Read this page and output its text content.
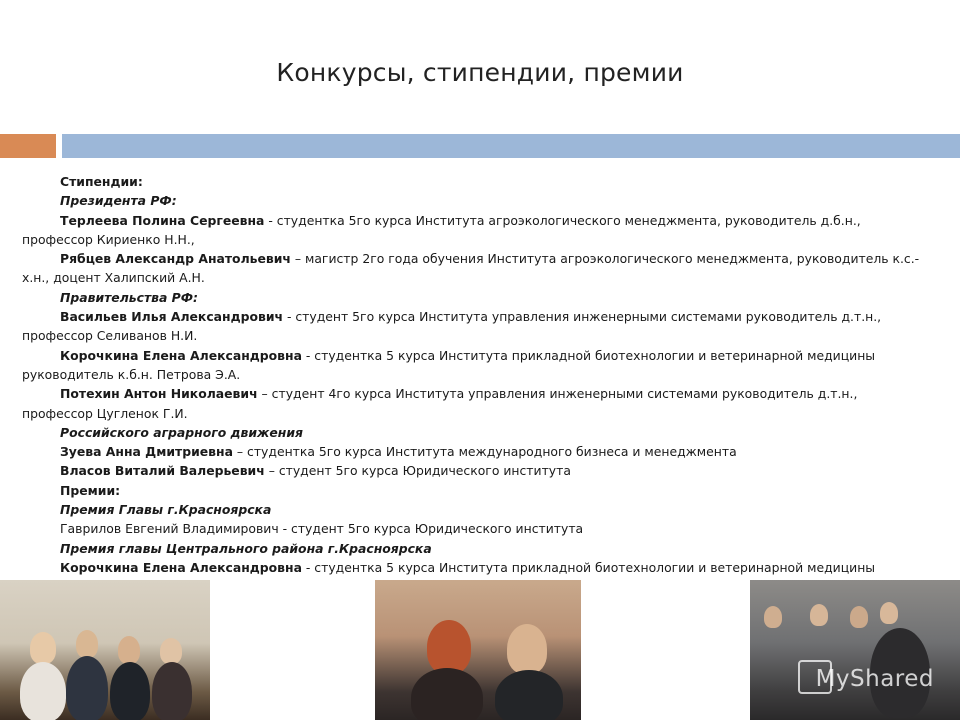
Конкурсы, стипендии, премии
Стипендии:
Президента РФ:
Терлеева Полина Сергеевна - студентка 5го курса Института агроэкологического менеджмента, руководитель д.б.н.,
профессор Кириенко Н.Н.,
Рябцев Александр Анатольевич – магистр 2го года обучения Института агроэкологического менеджмента, руководитель к.с.-
х.н., доцент Халипский А.Н.
Правительства РФ:
Васильев Илья Александрович - студент 5го курса Института управления инженерными системами руководитель д.т.н.,
профессор Селиванов Н.И.
Корочкина Елена Александровна - студентка 5 курса Института прикладной биотехнологии и ветеринарной медицины
руководитель к.б.н. Петрова Э.А.
Потехин Антон Николаевич – студент 4го курса Института управления инженерными системами руководитель д.т.н.,
профессор Цугленок Г.И.
Российского аграрного движения
Зуева Анна Дмитриевна – студентка 5го курса Института международного бизнеса и менеджмента
Власов Виталий Валерьевич – студент 5го курса Юридического института
Премии:
Премия Главы г.Красноярска
Гаврилов Евгений Владимирович - студент 5го курса Юридического института
Премия главы Центрального района г.Красноярска
Корочкина Елена Александровна - студентка 5 курса Института прикладной биотехнологии и ветеринарной медицины
MyShared
